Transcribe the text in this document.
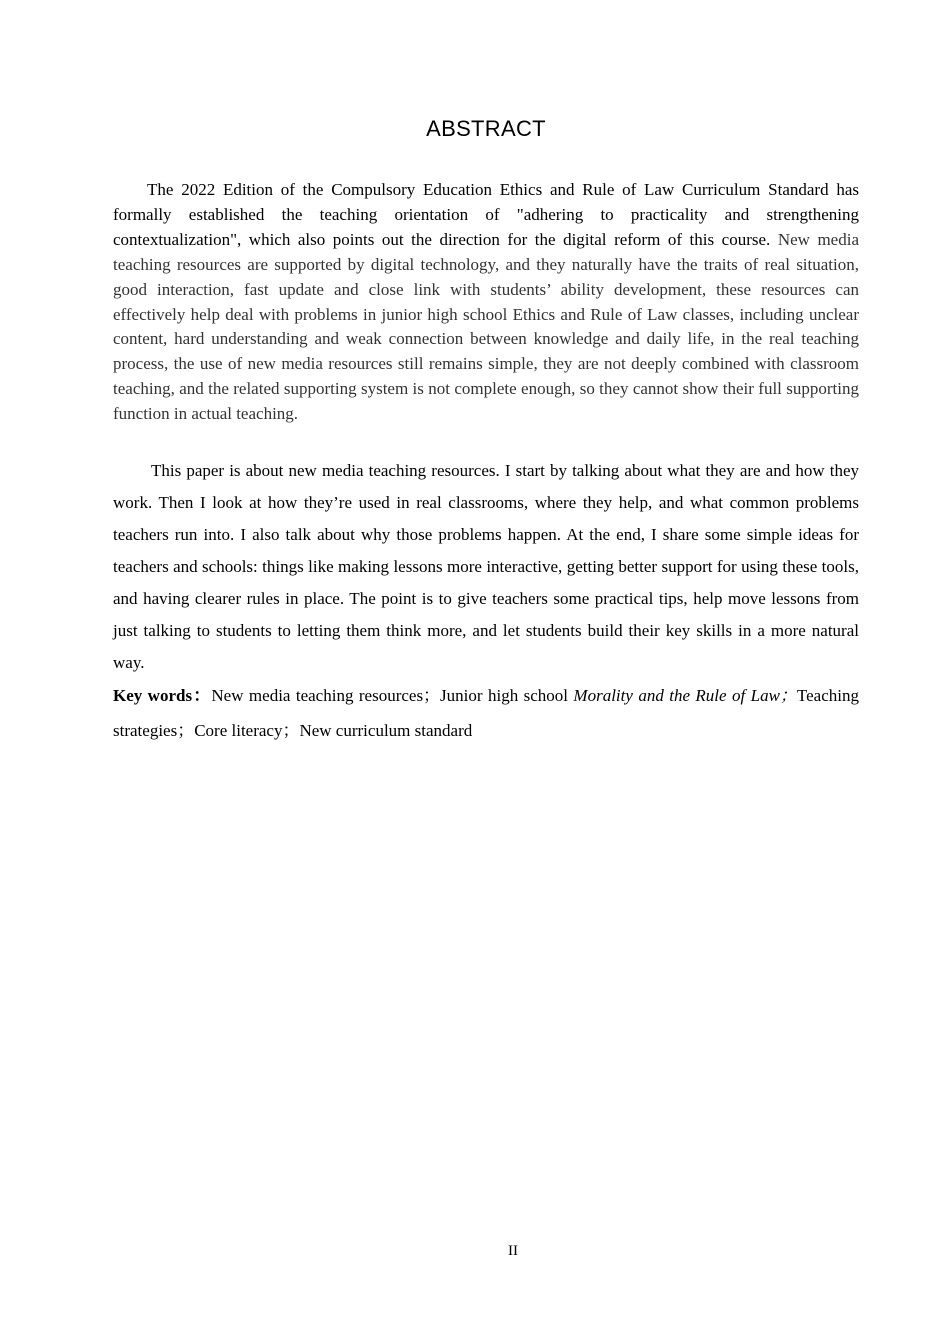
ABSTRACT

The 2022 Edition of the Compulsory Education Ethics and Rule of Law Curriculum Standard has formally established the teaching orientation of "adhering to practicality and strengthening contextualization", which also points out the direction for the digital reform of this course. New media teaching resources are supported by digital technology, and they naturally have the traits of real situation, good interaction, fast update and close link with students’ ability development, these resources can effectively help deal with problems in junior high school Ethics and Rule of Law classes, including unclear content, hard understanding and weak connection between knowledge and daily life, in the real teaching process, the use of new media resources still remains simple, they are not deeply combined with classroom teaching, and the related supporting system is not complete enough, so they cannot show their full supporting function in actual teaching.

This paper is about new media teaching resources. I start by talking about what they are and how they work. Then I look at how they’re used in real classrooms, where they help, and what common problems teachers run into. I also talk about why those problems happen. At the end, I share some simple ideas for teachers and schools: things like making lessons more interactive, getting better support for using these tools, and having clearer rules in place. The point is to give teachers some practical tips, help move lessons from just talking to students to letting them think more, and let students build their key skills in a more natural way.

Key words：New media teaching resources；Junior high school Morality and the Rule of Law；Teaching strategies；Core literacy；New curriculum standard

II
